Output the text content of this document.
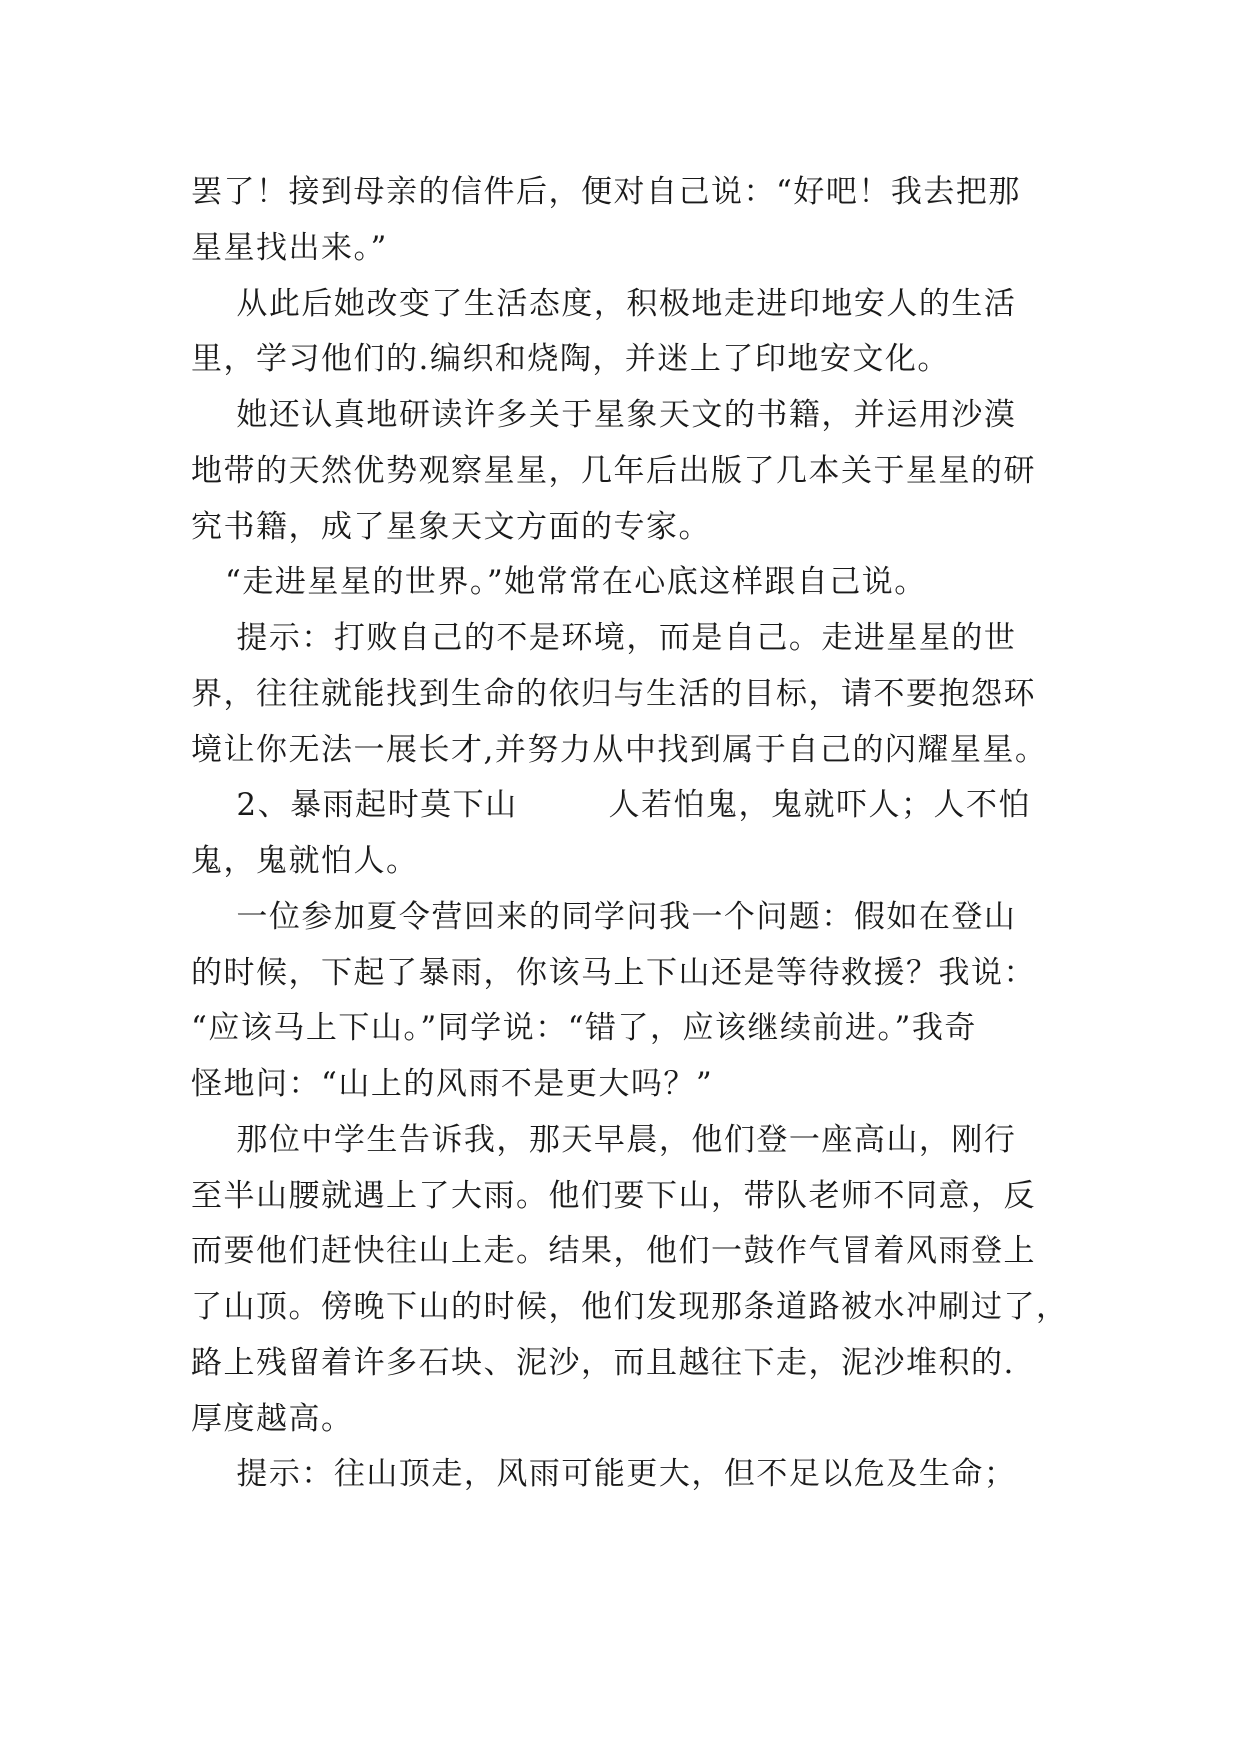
罢了！接到母亲的信件后，便对自己说：“好吧！我去把那
星星找出来。”
从此后她改变了生活态度，积极地走进印地安人的生活
里，学习他们的.编织和烧陶，并迷上了印地安文化。
她还认真地研读许多关于星象天文的书籍，并运用沙漠
地带的天然优势观察星星，几年后出版了几本关于星星的研
究书籍，成了星象天文方面的专家。
“走进星星的世界。”她常常在心底这样跟自己说。
提示：打败自己的不是环境，而是自己。走进星星的世
界，往往就能找到生命的依归与生活的目标，请不要抱怨环
境让你无法一展长才,并努力从中找到属于自己的闪耀星星。
2、暴雨起时莫下山        人若怕鬼，鬼就吓人；人不怕
鬼，鬼就怕人。
一位参加夏令营回来的同学问我一个问题：假如在登山
的时候，下起了暴雨，你该马上下山还是等待救援？我说：
“应该马上下山。”同学说：“错了，应该继续前进。”我奇
怪地问：“山上的风雨不是更大吗？”
那位中学生告诉我，那天早晨，他们登一座高山，刚行
至半山腰就遇上了大雨。他们要下山，带队老师不同意，反
而要他们赶快往山上走。结果，他们一鼓作气冒着风雨登上
了山顶。傍晚下山的时候，他们发现那条道路被水冲刷过了，
路上残留着许多石块、泥沙，而且越往下走，泥沙堆积的.
厚度越高。
提示：往山顶走，风雨可能更大，但不足以危及生命；
